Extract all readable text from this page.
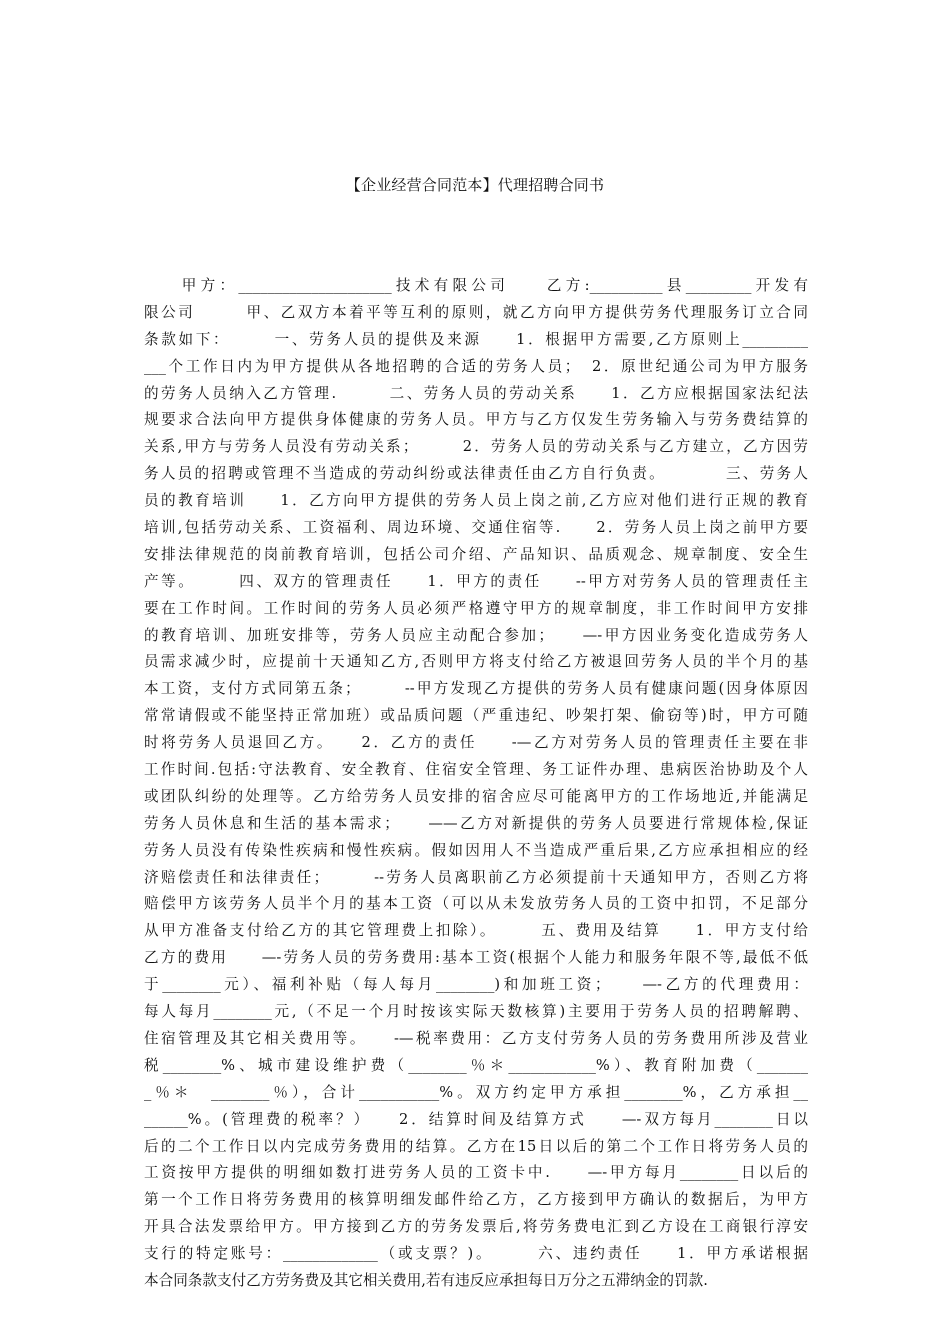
【企业经营合同范本】代理招聘合同书
　　甲方：_____________________技术有限公司　　乙方:__________县_________开发有
限公司　　　甲、乙双方本着平等互利的原则，就乙方向甲方提供劳务代理服务订立合同
条款如下：　　　一、劳务人员的提供及来源　　1．根据甲方需要,乙方原则上_________
___个工作日内为甲方提供从各地招聘的合适的劳务人员；　2．原世纪通公司为甲方服务
的劳务人员纳入乙方管理.　　　二、劳务人员的劳动关系　　1．乙方应根据国家法纪法
规要求合法向甲方提供身体健康的劳务人员。甲方与乙方仅发生劳务输入与劳务费结算的
关系,甲方与劳务人员没有劳动关系；　　　2．劳务人员的劳动关系与乙方建立，乙方因劳
务人员的招聘或管理不当造成的劳动纠纷或法律责任由乙方自行负责。　　　　三、劳务人
员的教育培训　　1．乙方向甲方提供的劳务人员上岗之前,乙方应对他们进行正规的教育
培训,包括劳动关系、工资福利、周边环境、交通住宿等.　　2．劳务人员上岗之前甲方要
安排法律规范的岗前教育培训，包括公司介绍、产品知识、品质观念、规章制度、安全生
产等。　　　四、双方的管理责任　　1．甲方的责任　　--甲方对劳务人员的管理责任主
要在工作时间。工作时间的劳务人员必须严格遵守甲方的规章制度，非工作时间甲方安排
的教育培训、加班安排等，劳务人员应主动配合参加；　　—-甲方因业务变化造成劳务人
员需求减少时，应提前十天通知乙方,否则甲方将支付给乙方被退回劳务人员的半个月的基
本工资，支付方式同第五条；　　　--甲方发现乙方提供的劳务人员有健康问题(因身体原因
常常请假或不能坚持正常加班）或品质问题（严重违纪、吵架打架、偷窃等)时，甲方可随
时将劳务人员退回乙方。　　2．乙方的责任　　-—乙方对劳务人员的管理责任主要在非
工作时间.包括:守法教育、安全教育、住宿安全管理、务工证件办理、患病医治协助及个人
或团队纠纷的处理等。乙方给劳务人员安排的宿舍应尽可能离甲方的工作场地近,并能满足
劳务人员休息和生活的基本需求；　　——乙方对新提供的劳务人员要进行常规体检,保证
劳务人员没有传染性疾病和慢性疾病。假如因用人不当造成严重后果,乙方应承担相应的经
济赔偿责任和法律责任；　　　--劳务人员离职前乙方必须提前十天通知甲方，否则乙方将
赔偿甲方该劳务人员半个月的基本工资（可以从未发放劳务人员的工资中扣罚，不足部分
从甲方准备支付给乙方的其它管理费上扣除）。　　　五、费用及结算　　1．甲方支付给
乙方的费用　　—-劳务人员的劳务费用:基本工资(根据个人能力和服务年限不等,最低不低
于________元）、福利补贴（每人每月________)和加班工资；　　—-乙方的代理费用：
每人每月________元,（不足一个月时按该实际天数核算)主要用于劳务人员的招聘解聘、
住宿管理及其它相关费用等。　　-—税率费用：乙方支付劳务人员的劳务费用所涉及营业
税________%、城市建设维护费（________％＊____________%）、教育附加费（_______
_％＊　________％），合计___________%。双方约定甲方承担________%，乙方承担__
______%。(管理费的税率？）　　2．结算时间及结算方式　　—-双方每月________日以
后的二个工作日以内完成劳务费用的结算。乙方在15日以后的第二个工作日将劳务人员的
工资按甲方提供的明细如数打进劳务人员的工资卡中.　　—-甲方每月________日以后的
第一个工作日将劳务费用的核算明细发邮件给乙方，乙方接到甲方确认的数据后，为甲方
开具合法发票给甲方。甲方接到乙方的劳务发票后,将劳务费电汇到乙方设在工商银行淳安
支行的特定账号：_____________（或支票？)。　　　六、违约责任　　1．甲方承诺根据
本合同条款支付乙方劳务费及其它相关费用,若有违反应承担每日万分之五滞纳金的罚款.
